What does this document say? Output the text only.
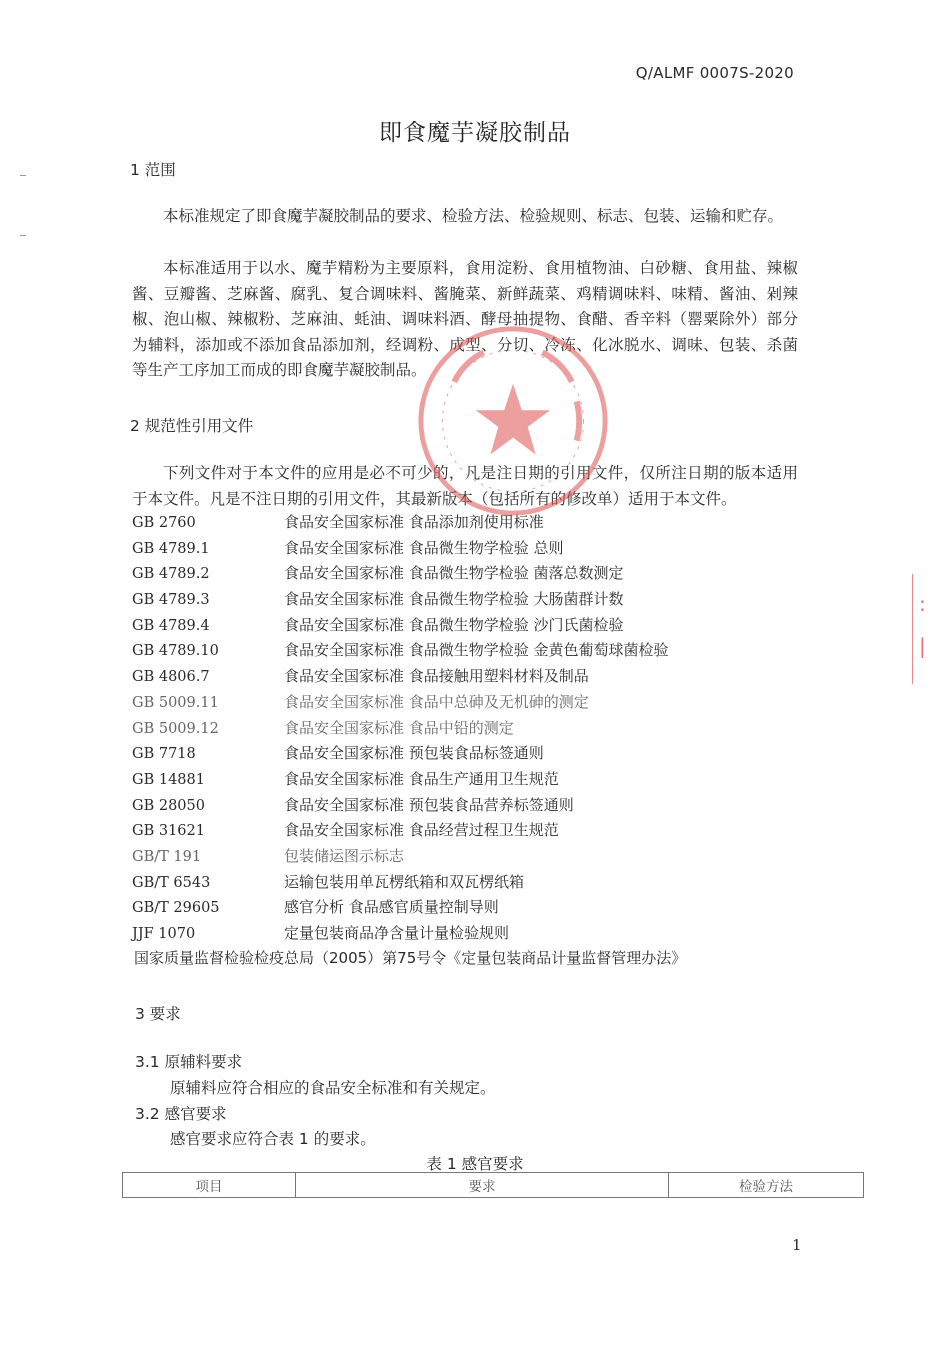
Q/ALMF 0007S-2020
即食魔芋凝胶制品
1 范围
本标准规定了即食魔芋凝胶制品的要求、检验方法、检验规则、标志、包装、运输和贮存。
本标准适用于以水、魔芋精粉为主要原料，食用淀粉、食用植物油、白砂糖、食用盐、辣椒酱、豆瓣酱、芝麻酱、腐乳、复合调味料、酱腌菜、新鲜蔬菜、鸡精调味料、味精、酱油、剁辣椒、泡山椒、辣椒粉、芝麻油、蚝油、调味料酒、酵母抽提物、食醋、香辛料（罂粟除外）部分为辅料，添加或不添加食品添加剂，经调粉、成型、分切、冷冻、化冰脱水、调味、包装、杀菌等生产工序加工而成的即食魔芋凝胶制品。
2 规范性引用文件
下列文件对于本文件的应用是必不可少的，凡是注日期的引用文件，仅所注日期的版本适用于本文件。凡是不注日期的引用文件，其最新版本（包括所有的修改单）适用于本文件。
GB 2760	食品安全国家标准 食品添加剂使用标准
GB 4789.1	食品安全国家标准 食品微生物学检验 总则
GB 4789.2	食品安全国家标准 食品微生物学检验 菌落总数测定
GB 4789.3	食品安全国家标准 食品微生物学检验 大肠菌群计数
GB 4789.4	食品安全国家标准 食品微生物学检验 沙门氏菌检验
GB 4789.10	食品安全国家标准 食品微生物学检验 金黄色葡萄球菌检验
GB 4806.7	食品安全国家标准 食品接触用塑料材料及制品
GB 5009.11	食品安全国家标准 食品中总砷及无机砷的测定
GB 5009.12	食品安全国家标准 食品中铅的测定
GB 7718	食品安全国家标准 预包装食品标签通则
GB 14881	食品安全国家标准 食品生产通用卫生规范
GB 28050	食品安全国家标准 预包装食品营养标签通则
GB 31621	食品安全国家标准 食品经营过程卫生规范
GB/T 191	包装储运图示标志
GB/T 6543	运输包装用单瓦楞纸箱和双瓦楞纸箱
GB/T 29605	感官分析 食品感官质量控制导则
JJF 1070	定量包装商品净含量计量检验规则
国家质量监督检验检疫总局（2005）第75号令《定量包装商品计量监督管理办法》
3 要求
3.1 原辅料要求
原辅料应符合相应的食品安全标准和有关规定。
3.2 感官要求
感官要求应符合表 1 的要求。
表 1 感官要求
项目	要求	检验方法
1
:
|
